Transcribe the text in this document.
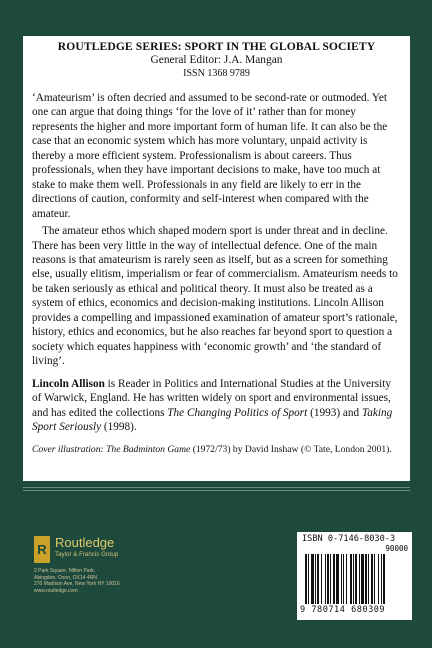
ROUTLEDGE SERIES: SPORT IN THE GLOBAL SOCIETY

General Editor: J.A. Mangan

ISSN 1368 9789

‘Amateurism’ is often decried and assumed to be second-rate or outmoded. Yet one can argue that doing things ‘for the love of it’ rather than for money represents the higher and more important form of human life. It can also be the case that an economic system which has more voluntary, unpaid activity is thereby a more efficient system. Professionalism is about careers. Thus professionals, when they have important decisions to make, have too much at stake to make them well. Professionals in any field are likely to err in the directions of caution, conformity and self-interest when compared with the amateur.

The amateur ethos which shaped modern sport is under threat and in decline. There has been very little in the way of intellectual defence. One of the main reasons is that amateurism is rarely seen as itself, but as a screen for something else, usually elitism, imperialism or fear of commercialism. Amateurism needs to be taken seriously as ethical and political theory. It must also be treated as a system of ethics, economics and decision-making institutions. Lincoln Allison provides a compelling and impassioned examination of amateur sport’s rationale, history, ethics and economics, but he also reaches far beyond sport to question a society which equates happiness with ‘economic growth’ and ‘the standard of living’.

Lincoln Allison is Reader in Politics and International Studies at the University of Warwick, England. He has written widely on sport and environmental issues, and has edited the collections The Changing Politics of Sport (1993) and Taking Sport Seriously (1998).

Cover illustration: The Badminton Game (1972/73) by David Inshaw (© Tate, London 2001).

R Routledge
Taylor & Francis Group
2 Park Square, Milton Park,
Abingdon, Oxon, OX14 4RN
270 Madison Ave, New York NY 10016
www.routledge.com
ISBN 0-7146-8030-3
90000
9 780714 680309
